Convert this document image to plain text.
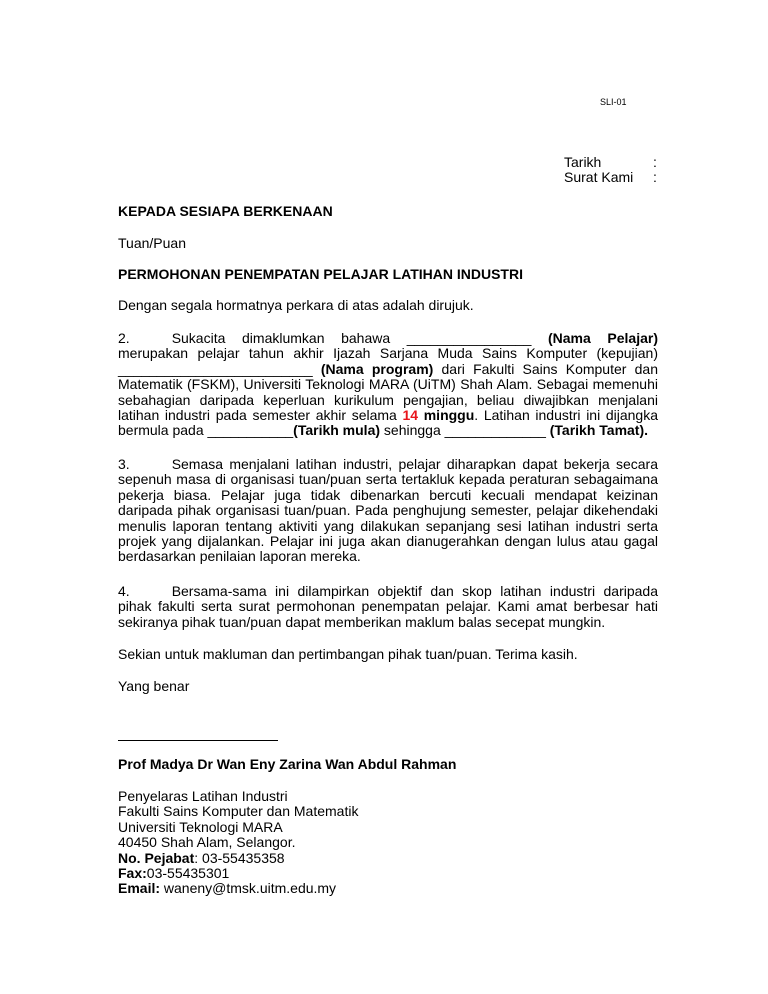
SLI-01
Tarikh	:
Surat Kami	:
KEPADA SESIAPA BERKENAAN
Tuan/Puan
PERMOHONAN PENEMPATAN PELAJAR LATIHAN INDUSTRI
Dengan segala hormatnya perkara di atas adalah dirujuk.
2.	Sukacita dimaklumkan bahawa ________________ (Nama Pelajar) merupakan pelajar tahun akhir Ijazah Sarjana Muda Sains Komputer (kepujian) _________________________ (Nama program) dari Fakulti Sains Komputer dan Matematik (FSKM), Universiti Teknologi MARA (UiTM) Shah Alam. Sebagai memenuhi sebahagian daripada keperluan kurikulum pengajian, beliau diwajibkan menjalani latihan industri pada semester akhir selama 14 minggu. Latihan industri ini dijangka bermula pada ___________(Tarikh mula) sehingga _____________ (Tarikh Tamat).
3.	Semasa menjalani latihan industri, pelajar diharapkan dapat bekerja secara sepenuh masa di organisasi tuan/puan serta tertakluk kepada peraturan sebagaimana pekerja biasa. Pelajar juga tidak dibenarkan bercuti kecuali mendapat keizinan daripada pihak organisasi tuan/puan. Pada penghujung semester, pelajar dikehendaki menulis laporan tentang aktiviti yang dilakukan sepanjang sesi latihan industri serta projek yang dijalankan. Pelajar ini juga akan dianugerahkan dengan lulus atau gagal berdasarkan penilaian laporan mereka.
4.	Bersama-sama ini dilampirkan objektif dan skop latihan industri daripada pihak fakulti serta surat permohonan penempatan pelajar. Kami amat berbesar hati sekiranya pihak tuan/puan dapat memberikan maklum balas secepat mungkin.
Sekian untuk makluman dan pertimbangan pihak tuan/puan. Terima kasih.
Yang benar
Prof Madya Dr Wan Eny Zarina Wan Abdul Rahman
Penyelaras Latihan Industri
Fakulti Sains Komputer dan Matematik
Universiti Teknologi MARA
40450 Shah Alam, Selangor.
No. Pejabat: 03-55435358
Fax:03-55435301
Email: waneny@tmsk.uitm.edu.my
